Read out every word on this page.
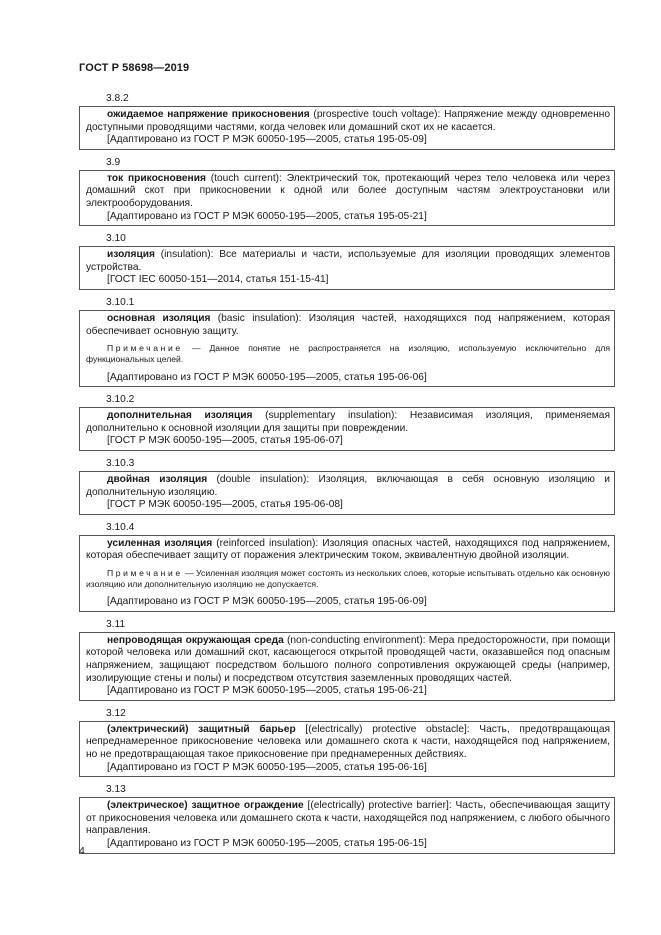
ГОСТ Р 58698—2019
3.8.2
ожидаемое напряжение прикосновения (prospective touch voltage): Напряжение между одновременно доступными проводящими частями, когда человек или домашний скот их не касается.
[Адаптировано из ГОСТ Р МЭК 60050-195—2005, статья 195-05-09]
3.9
ток прикосновения (touch current): Электрический ток, протекающий через тело человека или через домашний скот при прикосновении к одной или более доступным частям электроустановки или электрооборудования.
[Адаптировано из ГОСТ Р МЭК 60050-195—2005, статья 195-05-21]
3.10
изоляция (insulation): Все материалы и части, используемые для изоляции проводящих элементов устройства.
[ГОСТ IEC 60050-151—2014, статья 151-15-41]
3.10.1
основная изоляция (basic insulation): Изоляция частей, находящихся под напряжением, которая обеспечивает основную защиту.
Примечание — Данное понятие не распространяется на изоляцию, используемую исключительно для функциональных целей.
[Адаптировано из ГОСТ Р МЭК 60050-195—2005, статья 195-06-06]
3.10.2
дополнительная изоляция (supplementary insulation): Независимая изоляция, применяемая дополнительно к основной изоляции для защиты при повреждении.
[ГОСТ Р МЭК 60050-195—2005, статья 195-06-07]
3.10.3
двойная изоляция (double insulation): Изоляция, включающая в себя основную изоляцию и дополнительную изоляцию.
[ГОСТ Р МЭК 60050-195—2005, статья 195-06-08]
3.10.4
усиленная изоляция (reinforced insulation): Изоляция опасных частей, находящихся под напряжением, которая обеспечивает защиту от поражения электрическим током, эквивалентную двойной изоляции.
Примечание — Усиленная изоляция может состоять из нескольких слоев, которые испытывать отдельно как основную изоляцию или дополнительную изоляцию не допускается.
[Адаптировано из ГОСТ Р МЭК 60050-195—2005, статья 195-06-09]
3.11
непроводящая окружающая среда (non-conducting environment): Мера предосторожности, при помощи которой человека или домашний скот, касающегося открытой проводящей части, оказавшейся под опасным напряжением, защищают посредством большого полного сопротивления окружающей среды (например, изолирующие стены и полы) и посредством отсутствия заземленных проводящих частей.
[Адаптировано из ГОСТ Р МЭК 60050-195—2005, статья 195-06-21]
3.12
(электрический) защитный барьер [(electrically) protective obstacle]: Часть, предотвращающая непреднамеренное прикосновение человека или домашнего скота к части, находящейся под напряжением, но не предотвращающая такое прикосновение при преднамеренных действиях.
[Адаптировано из ГОСТ Р МЭК 60050-195—2005, статья 195-06-16]
3.13
(электрическое) защитное ограждение [(electrically) protective barrier]: Часть, обеспечивающая защиту от прикосновения человека или домашнего скота к части, находящейся под напряжением, с любого обычного направления.
[Адаптировано из ГОСТ Р МЭК 60050-195—2005, статья 195-06-15]
4
